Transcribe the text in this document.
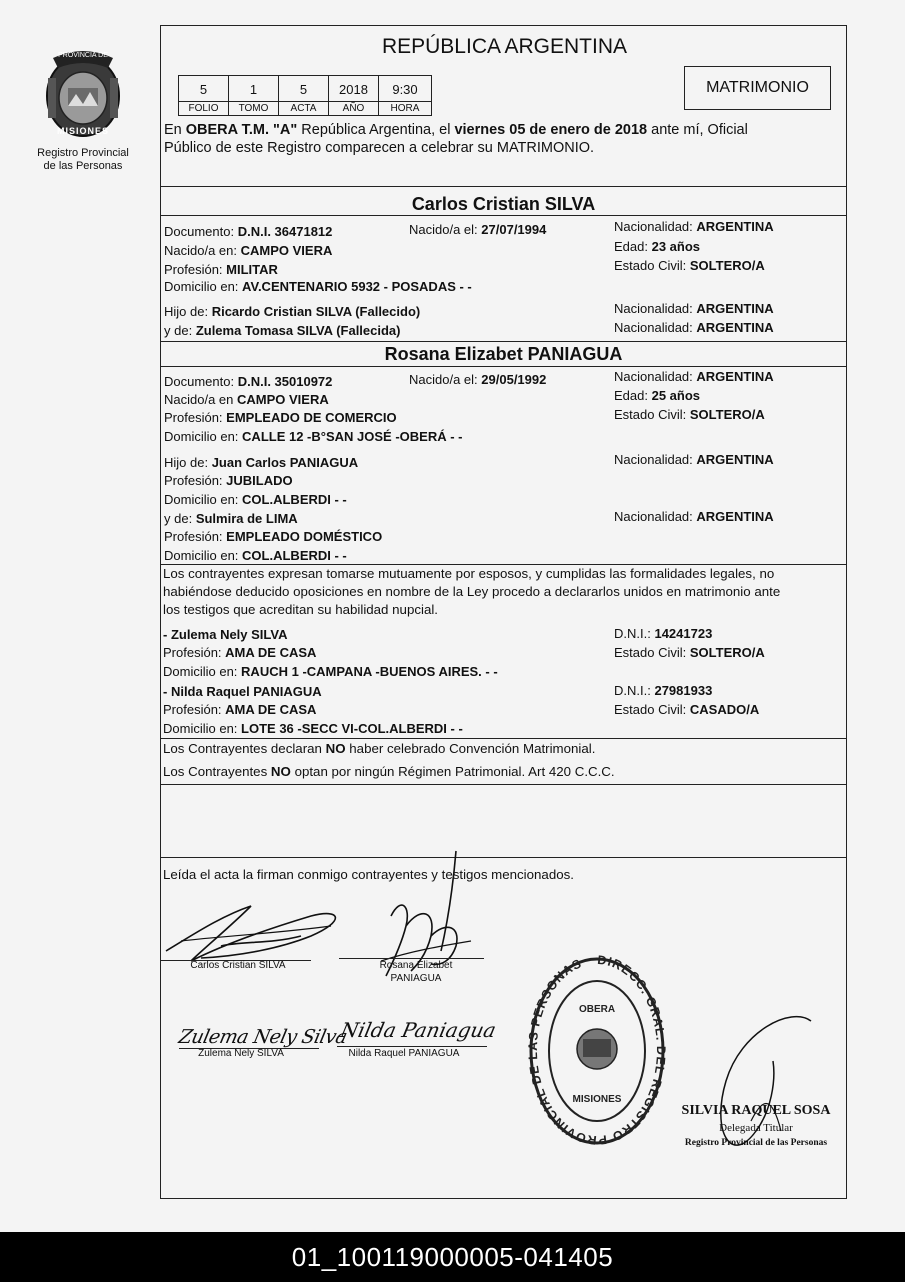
PROVINCIA DE
MISIONES
Registro Provincial
de las Personas
REPÚBLICA ARGENTINA
5	1	5	2018	9:30
FOLIO	TOMO	ACTA	AÑO	HORA
MATRIMONIO
En OBERA T.M. "A" República Argentina, el viernes 05 de enero de 2018 ante mí, Oficial
Público de este Registro comparecen a celebrar su MATRIMONIO.
Carlos Cristian SILVA
Documento: D.N.I. 36471812	Nacido/a el: 27/07/1994	Nacionalidad: ARGENTINA
Nacido/a en: CAMPO VIERA	Edad: 23 años
Profesión: MILITAR	Estado Civil: SOLTERO/A
Domicilio en: AV.CENTENARIO 5932 - POSADAS - -
Hijo de: Ricardo Cristian SILVA (Fallecido)	Nacionalidad: ARGENTINA
y de: Zulema Tomasa SILVA (Fallecida)	Nacionalidad: ARGENTINA
Rosana Elizabet PANIAGUA
Documento: D.N.I. 35010972	Nacido/a el: 29/05/1992	Nacionalidad: ARGENTINA
Nacido/a en CAMPO VIERA	Edad: 25 años
Profesión: EMPLEADO DE COMERCIO	Estado Civil: SOLTERO/A
Domicilio en: CALLE 12 -B°SAN JOSÉ -OBERÁ - -
Hijo de: Juan Carlos PANIAGUA	Nacionalidad: ARGENTINA
Profesión: JUBILADO
Domicilio en: COL.ALBERDI - -
y de: Sulmira de LIMA	Nacionalidad: ARGENTINA
Profesión: EMPLEADO DOMÉSTICO
Domicilio en: COL.ALBERDI - -
Los contrayentes expresan tomarse mutuamente por esposos, y cumplidas las formalidades legales, no
habiéndose deducido oposiciones en nombre de la Ley procedo a declararlos unidos en matrimonio ante
los testigos que acreditan su habilidad nupcial.
- Zulema Nely SILVA	D.N.I.: 14241723
Profesión: AMA DE CASA	Estado Civil: SOLTERO/A
Domicilio en: RAUCH 1 -CAMPANA -BUENOS AIRES. - -
- Nilda Raquel PANIAGUA	D.N.I.: 27981933
Profesión: AMA DE CASA	Estado Civil: CASADO/A
Domicilio en: LOTE 36 -SECC VI-COL.ALBERDI - -
Los Contrayentes declaran NO haber celebrado Convención Matrimonial.
Los Contrayentes NO optan por ningún Régimen Patrimonial. Art 420 C.C.C.
Leída el acta la firman conmigo contrayentes y testigos mencionados.
Carlos Cristian SILVA	Rosana Elizabet
PANIAGUA
Zulema Nely Silva
Zulema Nely SILVA
Nilda Paniagua
Nilda Raquel PANIAGUA
DIRECC. GRAL. DEL REGISTRO PROVINCIAL DE LAS PERSONAS
OBERA
MISIONES
SILVIA RAQUEL SOSA
Delegada Titular
Registro Provincial de las Personas
01_100119000005-041405
